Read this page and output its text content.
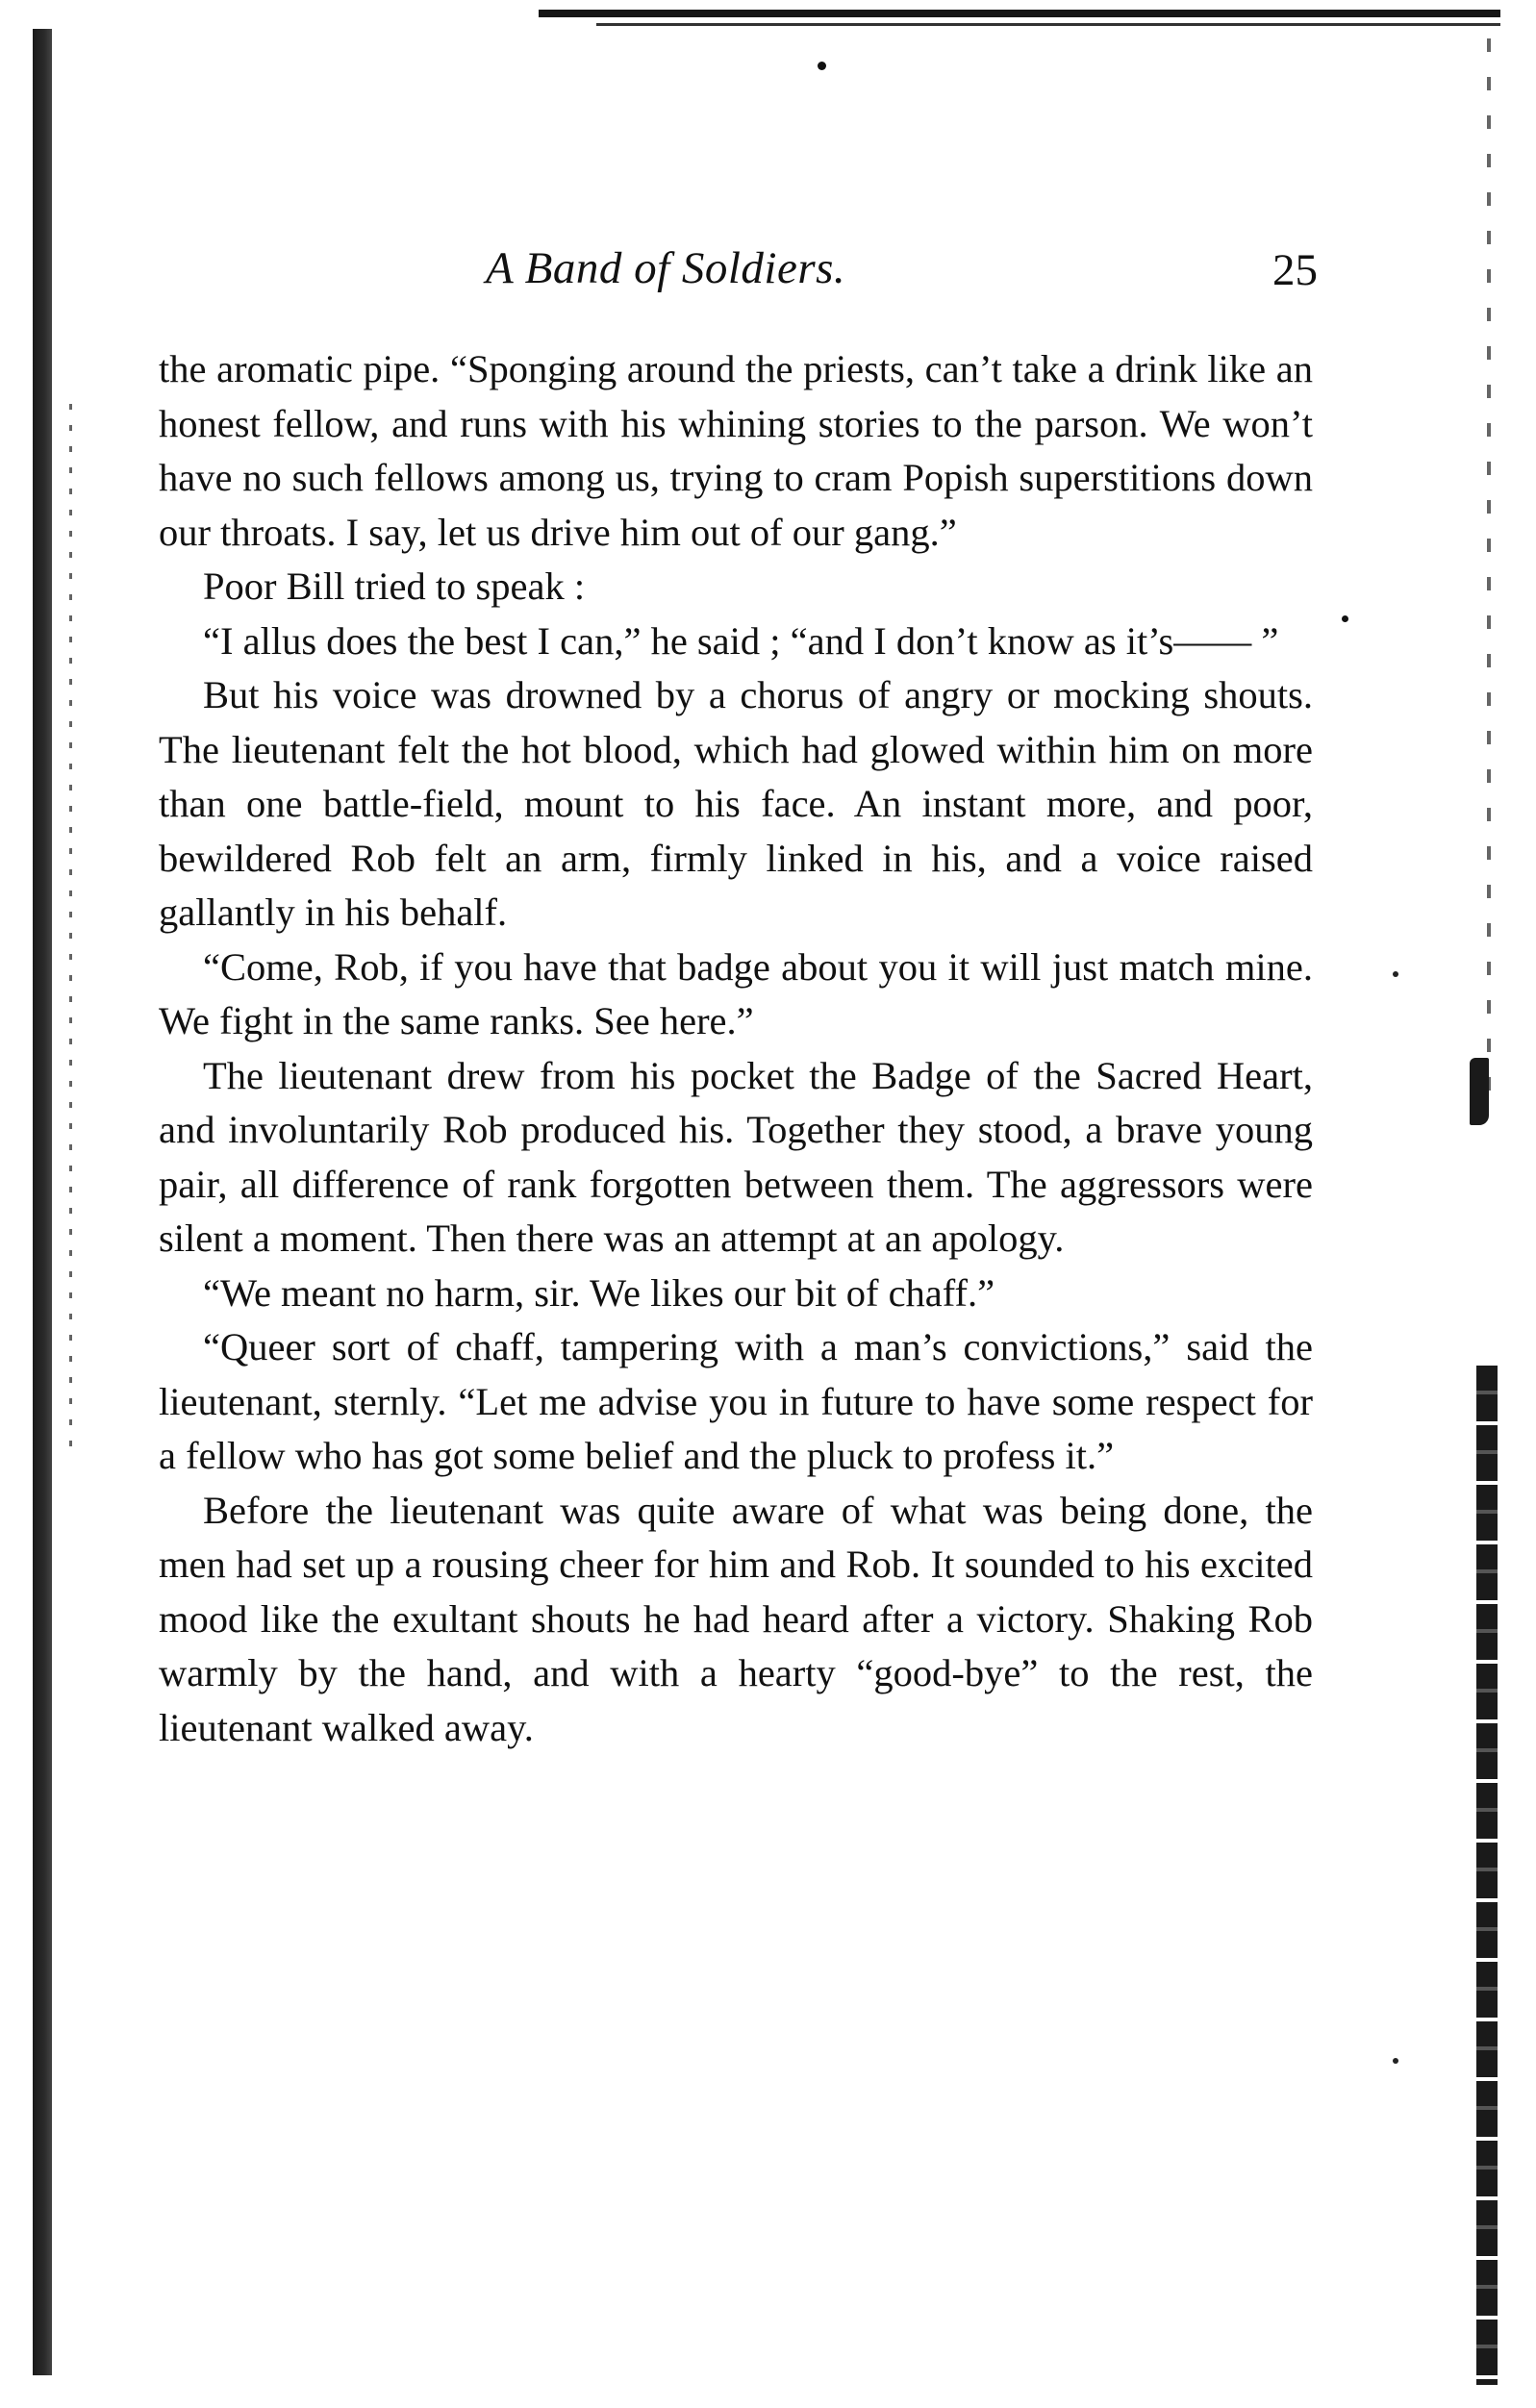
A Band of Soldiers.	25

the aromatic pipe. “Sponging around the priests, can’t take a drink like an honest fellow, and runs with his whining stories to the parson. We won’t have no such fellows among us, trying to cram Popish superstitions down our throats. I say, let us drive him out of our gang.”

Poor Bill tried to speak :

“I allus does the best I can,” he said ; “and I don’t know as it’s—— ”

But his voice was drowned by a chorus of angry or mocking shouts. The lieutenant felt the hot blood, which had glowed within him on more than one battle-field, mount to his face. An instant more, and poor, bewildered Rob felt an arm, firmly linked in his, and a voice raised gallantly in his behalf.

“Come, Rob, if you have that badge about you it will just match mine. We fight in the same ranks. See here.”

The lieutenant drew from his pocket the Badge of the Sacred Heart, and involuntarily Rob produced his. Together they stood, a brave young pair, all difference of rank forgotten between them. The aggressors were silent a moment. Then there was an attempt at an apology.

“We meant no harm, sir. We likes our bit of chaff.”

“Queer sort of chaff, tampering with a man’s convictions,” said the lieutenant, sternly. “Let me advise you in future to have some respect for a fellow who has got some belief and the pluck to profess it.”

Before the lieutenant was quite aware of what was being done, the men had set up a rousing cheer for him and Rob. It sounded to his excited mood like the exultant shouts he had heard after a victory. Shaking Rob warmly by the hand, and with a hearty “good-bye” to the rest, the lieutenant walked away.
